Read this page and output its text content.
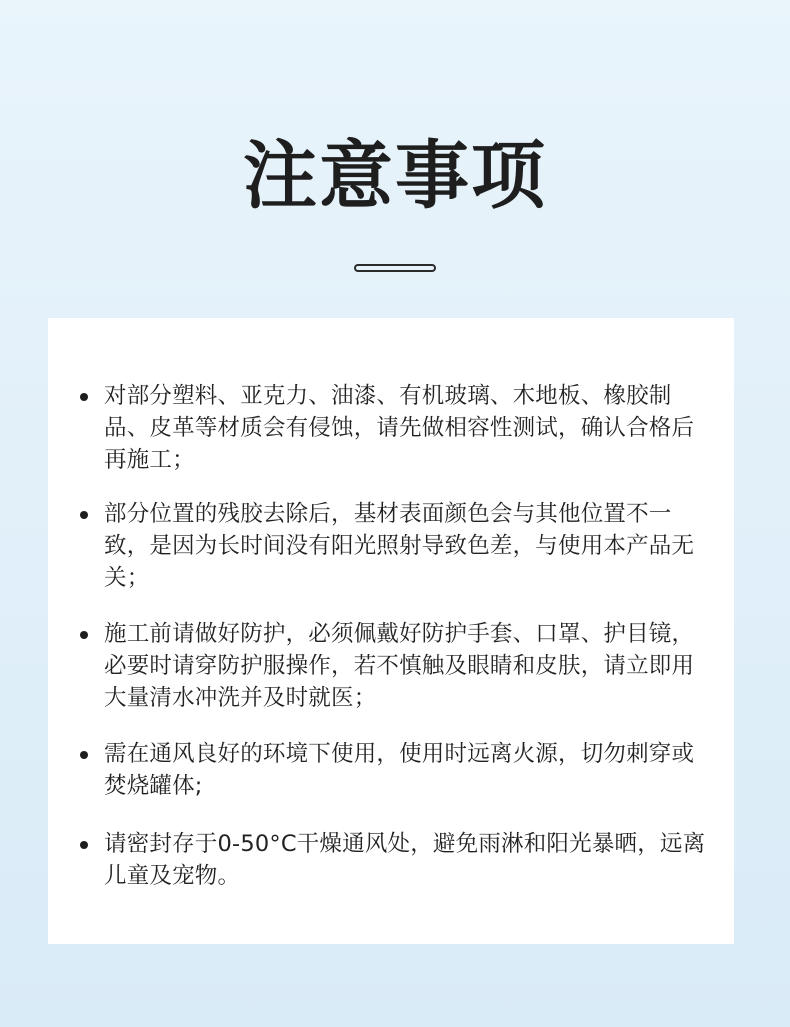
注意事项
对部分塑料、亚克力、油漆、有机玻璃、木地板、橡胶制品、皮革等材质会有侵蚀，请先做相容性测试，确认合格后再施工；
部分位置的残胶去除后，基材表面颜色会与其他位置不一致，是因为长时间没有阳光照射导致色差，与使用本产品无关；
施工前请做好防护，必须佩戴好防护手套、口罩、护目镜，必要时请穿防护服操作，若不慎触及眼睛和皮肤，请立即用大量清水冲洗并及时就医；
需在通风良好的环境下使用，使用时远离火源，切勿刺穿或焚烧罐体;
请密封存于0-50°C干燥通风处，避免雨淋和阳光暴晒，远离儿童及宠物。
